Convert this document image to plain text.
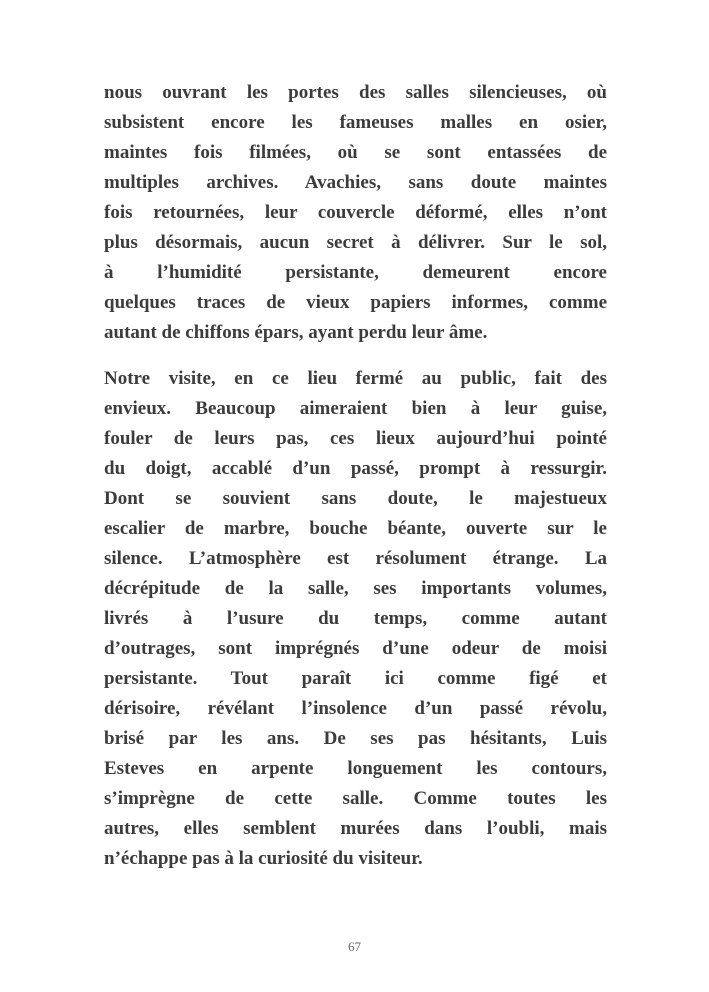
nous ouvrant les portes des salles silencieuses, où
subsistent encore les fameuses malles en osier,
maintes fois filmées, où se sont entassées de
multiples archives. Avachies, sans doute maintes
fois retournées, leur couvercle déformé, elles n’ont
plus désormais, aucun secret à délivrer. Sur le sol,
à l’humidité persistante, demeurent encore
quelques traces de vieux papiers informes, comme
autant de chiffons épars, ayant perdu leur âme.
Notre visite, en ce lieu fermé au public, fait des
envieux. Beaucoup aimeraient bien à leur guise,
fouler de leurs pas, ces lieux aujourd’hui pointé
du doigt, accablé d’un passé, prompt à ressurgir.
Dont se souvient sans doute, le majestueux
escalier de marbre, bouche béante, ouverte sur le
silence. L’atmosphère est résolument étrange. La
décrépitude de la salle, ses importants volumes,
livrés à l’usure du temps, comme autant
d’outrages, sont imprégnés d’une odeur de moisi
persistante. Tout paraît ici comme figé et
dérisoire, révélant l’insolence d’un passé révolu,
brisé par les ans. De ses pas hésitants, Luis
Esteves en arpente longuement les contours,
s’imprègne de cette salle. Comme toutes les
autres, elles semblent murées dans l’oubli, mais
n’échappe pas à la curiosité du visiteur.
67
